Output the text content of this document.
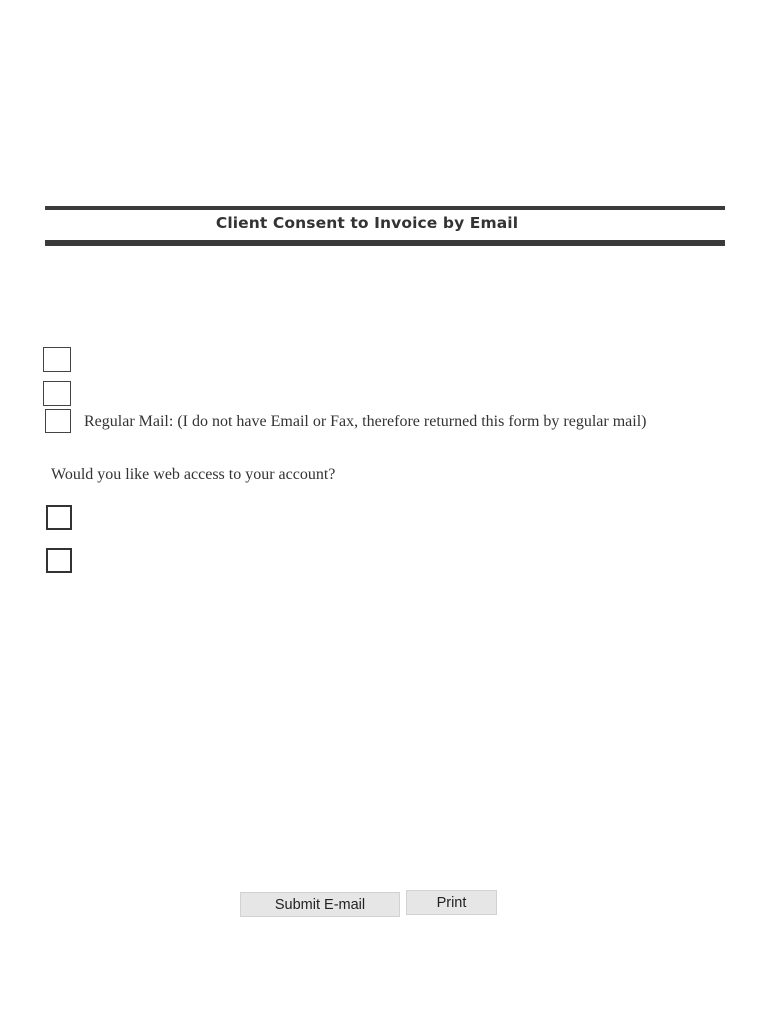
Client Consent to Invoice by Email
Regular Mail: (I do not have Email or Fax, therefore returned this form by regular mail)
Would you like web access to your account?
Submit E-mail	Print
